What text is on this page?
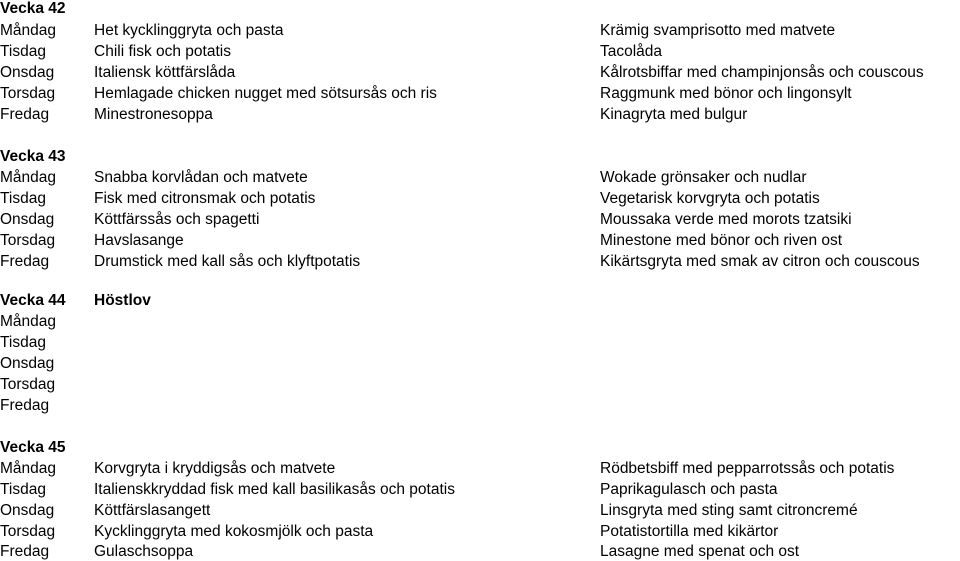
Vecka 42
Måndag Het kycklinggryta och pasta	Krämig svamprisotto med matvete
Tisdag	Chili fisk och potatis	Tacolåda
Onsdag	Italiensk köttfärslåda	Kålrotsbiffar med champinjonsås och couscous
Torsdag	Hemlagade chicken nugget med sötsursås och ris	Raggmunk med bönor och lingonsylt
Fredag	Minestronesoppa	Kinagryta med bulgur
Vecka 43
Måndag Snabba korvlådan och matvete	Wokade grönsaker och nudlar
Tisdag	Fisk med citronsmak och potatis	Vegetarisk korvgryta och potatis
Onsdag	Köttfärssås och spagetti	Moussaka verde med morots tzatsiki
Torsdag	Havslasange	Minestone med bönor och riven ost
Fredag	Drumstick med kall sås och klyftpotatis	Kikärtsgryta med smak av citron och couscous
Vecka 44 Höstlov
Måndag
Tisdag
Onsdag
Torsdag
Fredag
Vecka 45
Måndag Korvgryta i kryddigsås och matvete	Rödbetsbiff med pepparrotssås och potatis
Tisdag	Italienskkryddad fisk med kall basilikasås och potatis	Paprikagulasch och pasta
Onsdag	Köttfärslasangett	Linsgryta med sting samt citroncremé
Torsdag	Kycklinggryta med kokosmjölk och pasta	Potatistortilla med kikärtor
Fredag	Gulaschsoppa	Lasagne med spenat och ost
